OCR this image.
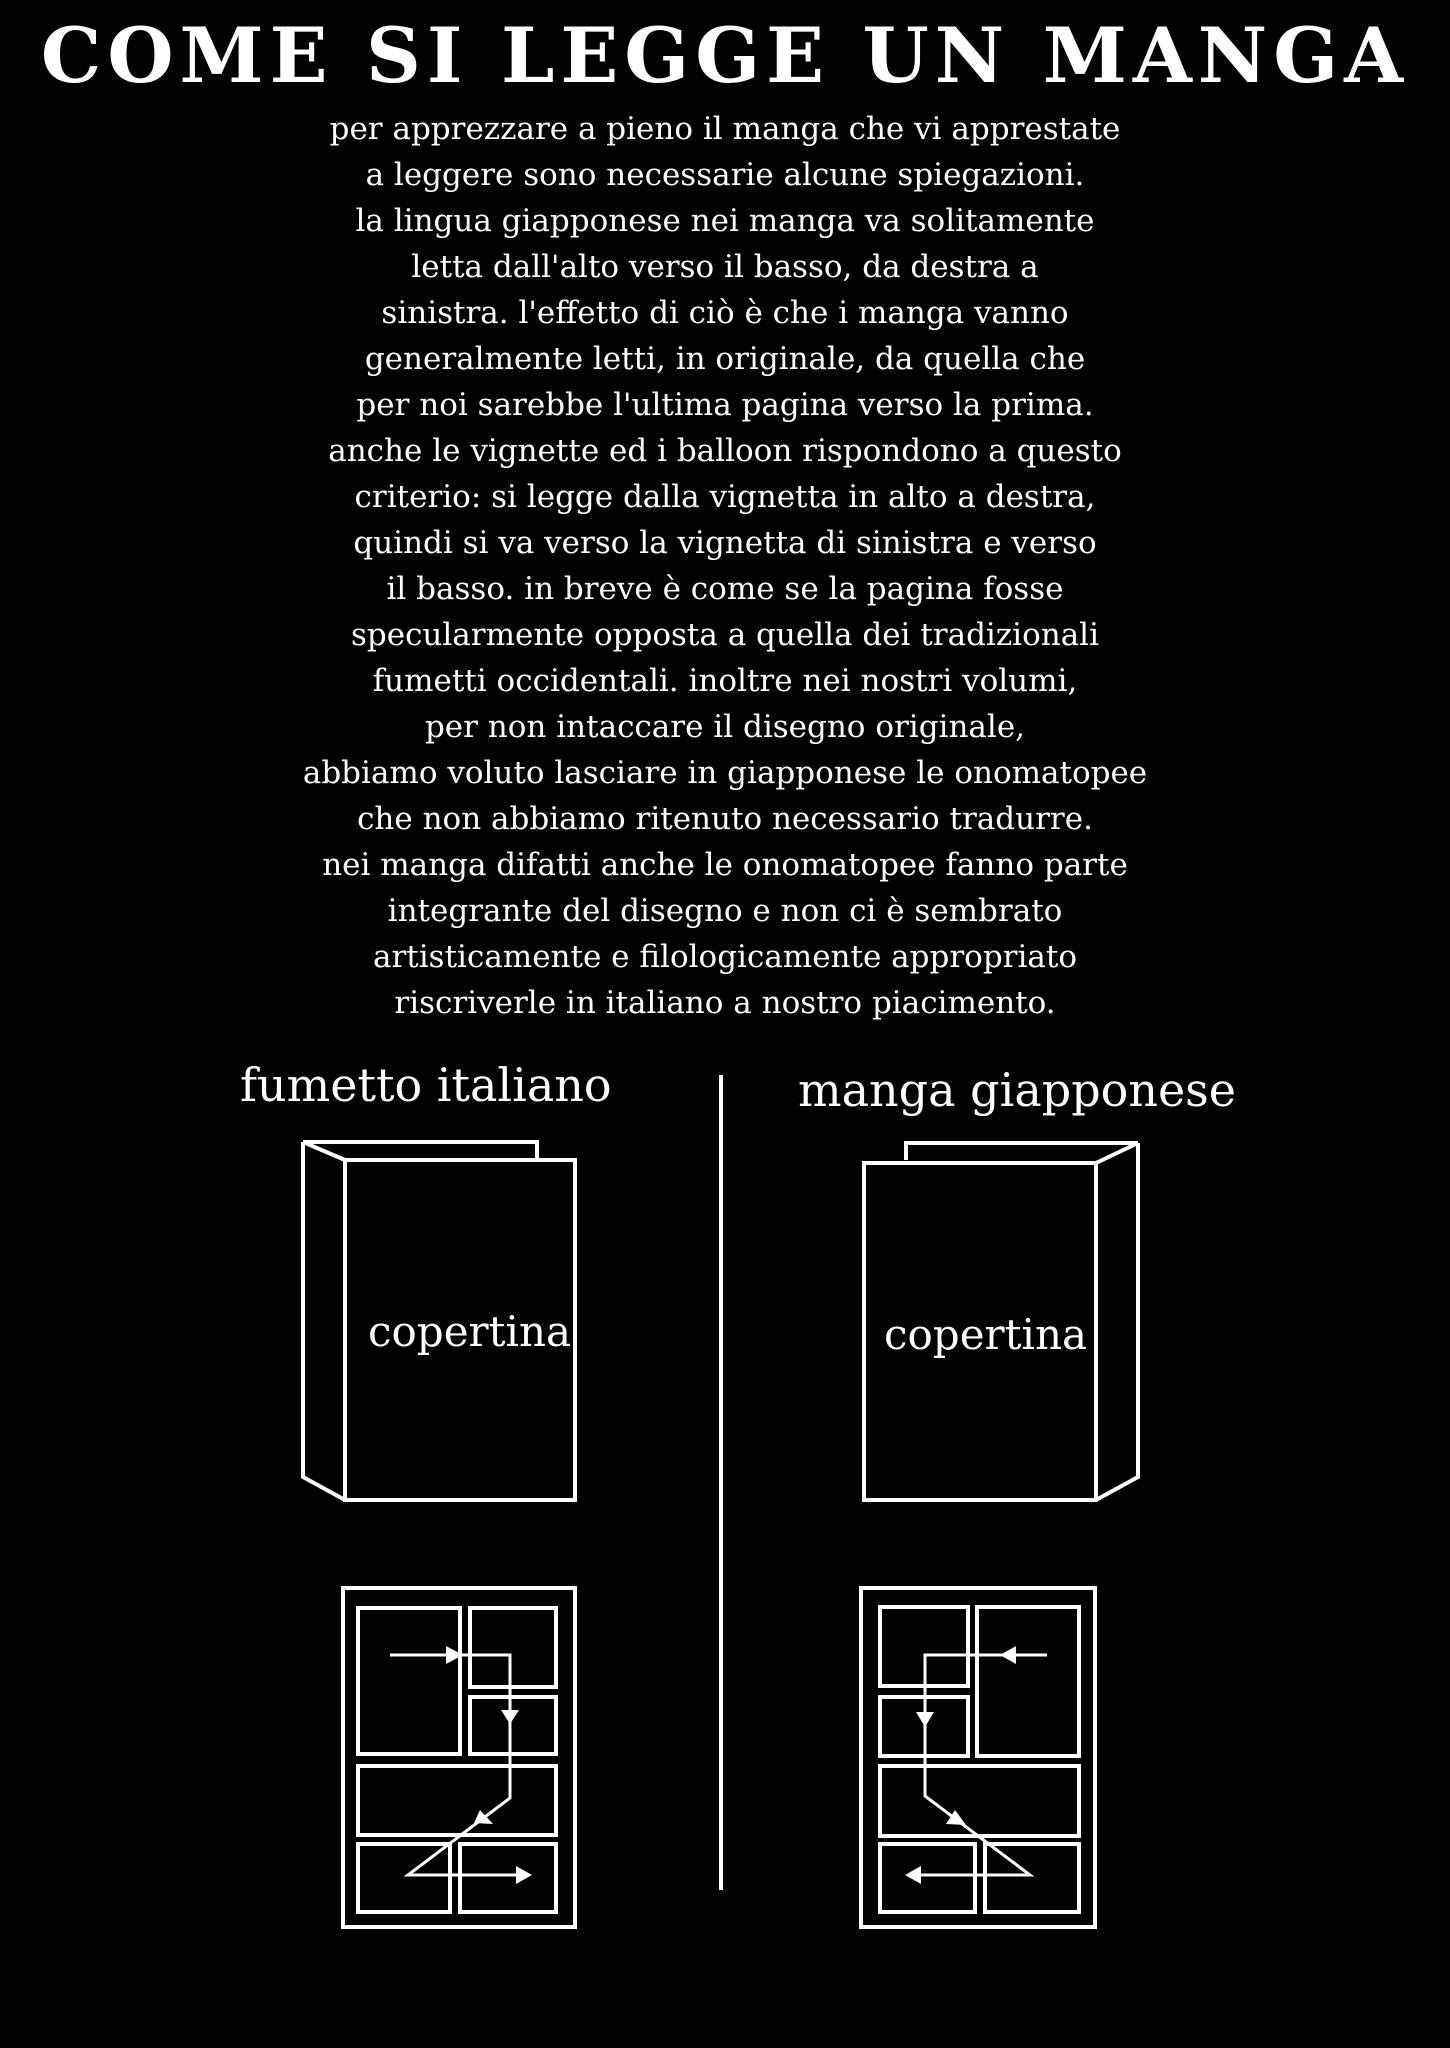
COME SI LEGGE UN MANGA
per apprezzare a pieno il manga che vi apprestate
a leggere sono necessarie alcune spiegazioni.
la lingua giapponese nei manga va solitamente
letta dall'alto verso il basso, da destra a
sinistra. l'effetto di ciò è che i manga vanno
generalmente letti, in originale, da quella che
per noi sarebbe l'ultima pagina verso la prima.
anche le vignette ed i balloon rispondono a questo
criterio: si legge dalla vignetta in alto a destra,
quindi si va verso la vignetta di sinistra e verso
il basso. in breve è come se la pagina fosse
specularmente opposta a quella dei tradizionali
fumetti occidentali. inoltre nei nostri volumi,
per non intaccare il disegno originale,
abbiamo voluto lasciare in giapponese le onomatopee
che non abbiamo ritenuto necessario tradurre.
nei manga difatti anche le onomatopee fanno parte
integrante del disegno e non ci è sembrato
artisticamente e filologicamente appropriato
riscriverle in italiano a nostro piacimento.
fumetto italiano	manga giapponese
copertina	copertina
